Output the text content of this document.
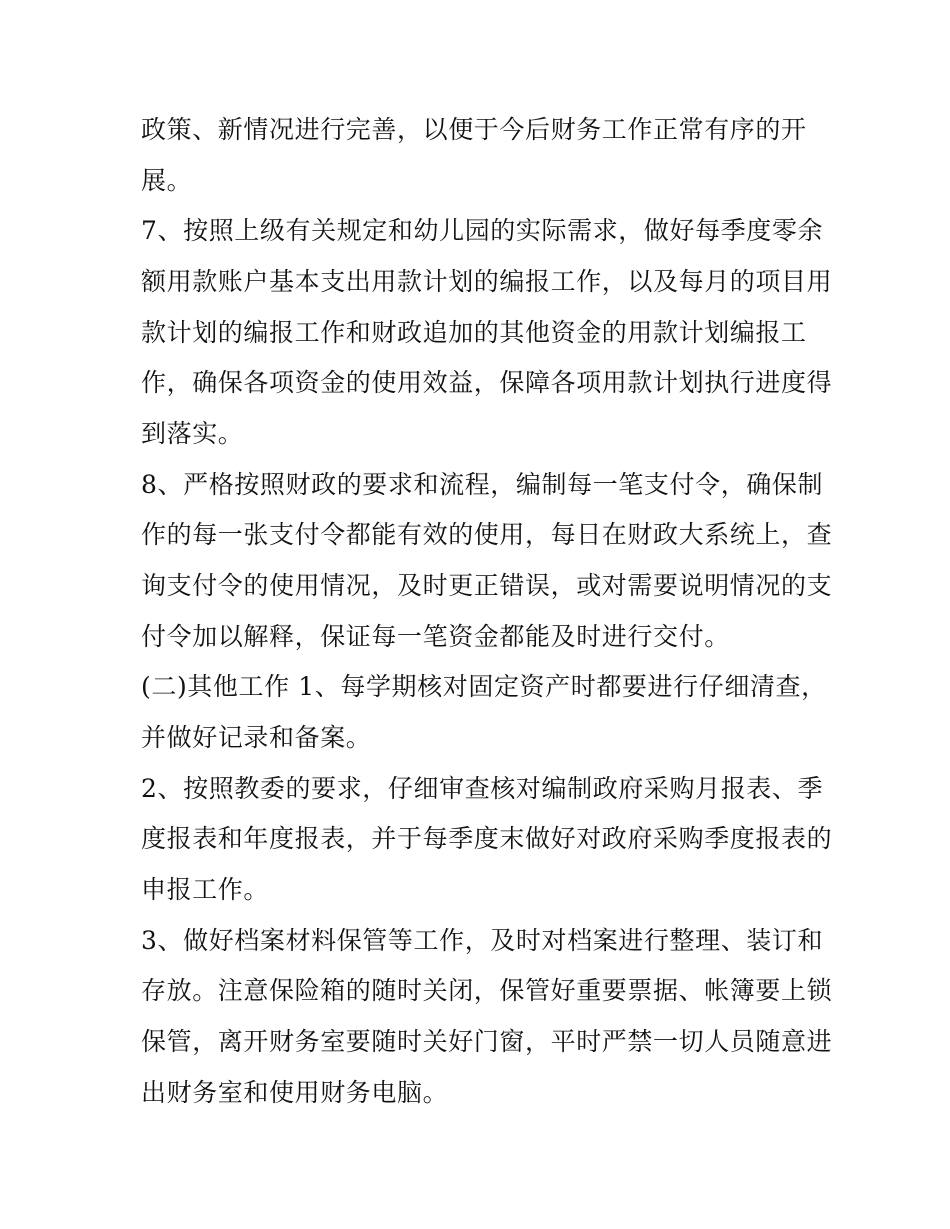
政策、新情况进行完善，以便于今后财务工作正常有序的开
展。
7、按照上级有关规定和幼儿园的实际需求，做好每季度零余
额用款账户基本支出用款计划的编报工作，以及每月的项目用
款计划的编报工作和财政追加的其他资金的用款计划编报工
作，确保各项资金的使用效益，保障各项用款计划执行进度得
到落实。
8、严格按照财政的要求和流程，编制每一笔支付令，确保制
作的每一张支付令都能有效的使用，每日在财政大系统上，查
询支付令的使用情况，及时更正错误，或对需要说明情况的支
付令加以解释，保证每一笔资金都能及时进行交付。
(二)其他工作 1、每学期核对固定资产时都要进行仔细清查，
并做好记录和备案。
2、按照教委的要求，仔细审查核对编制政府采购月报表、季
度报表和年度报表，并于每季度末做好对政府采购季度报表的
申报工作。
3、做好档案材料保管等工作，及时对档案进行整理、装订和
存放。注意保险箱的随时关闭，保管好重要票据、帐簿要上锁
保管，离开财务室要随时关好门窗，平时严禁一切人员随意进
出财务室和使用财务电脑。
